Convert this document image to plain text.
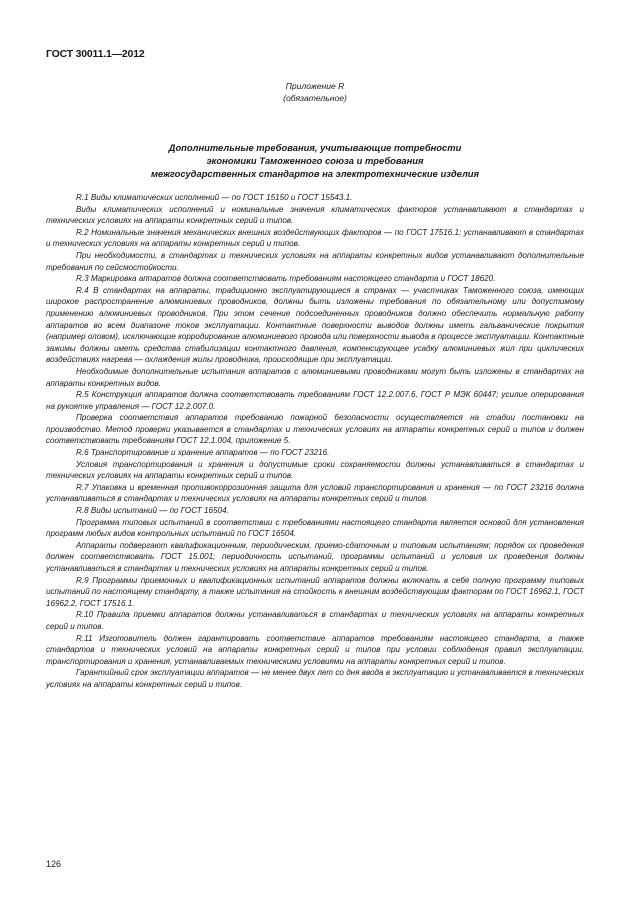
ГОСТ 30011.1—2012
Приложение R
(обязательное)
Дополнительные требования, учитывающие потребности
экономики Таможенного союза и требования
межгосударственных стандартов на электротехнические изделия

R.1 Виды климатических исполнений — по ГОСТ 15150 и ГОСТ 15543.1.

Виды климатических исполнений и номинальные значения климатических факторов устанавливают в стандартах и технических условиях на аппараты конкретных серий и типов.

R.2 Номинальные значения механических внешних воздействующих факторов — по ГОСТ 17516.1; устанавливают в стандартах и технических условиях на аппараты конкретных серий и типов.

При необходимости, в стандартах и технических условиях на аппараты конкретных видов устанавливают дополнительные требования по сейсмостойкости.

R.3 Маркировка аппаратов должна соответствовать требованиям настоящего стандарта и ГОСТ 18620.

R.4 В стандартах на аппараты, традиционно эксплуатирующиеся в странах — участниках Таможенного союза, имеющих широкое распространение алюминиевых проводников, должны быть изложены требования по обязательному или допустимому применению алюминиевых проводников. При этом сечение подсоединенных проводников должно обеспечить нормальную работу аппаратов во всем диапазоне токов эксплуатации. Контактные поверхности выводов должны иметь гальванические покрытия (например оловом), исключающие корродирование алюминиевого провода или поверхности вывода в процессе эксплуатации. Контактные зажимы должны иметь средства стабилизации контактного давления, компенсирующее усадку алюминиевых жил при циклических воздействиях нагрева — охлаждения жилы проводника, происходящие при эксплуатации.

Необходимые дополнительные испытания аппаратов с алюминиевыми проводниками могут быть изложены в стандартах на аппараты конкретных видов.

R.5 Конструкция аппаратов должна соответствовать требованиям ГОСТ 12.2.007.6, ГОСТ Р МЭК 60447; усилие оперирования на рукоятке управления — ГОСТ 12.2.007.0.

Проверка соответствия аппаратов требованию пожарной безопасности осуществляется на стадии постановки на производство. Метод проверки указывается в стандартах и технических условиях на аппараты конкретных серий и типов и должен соответствовать требованиям ГОСТ 12.1.004, приложение 5.

R.6 Транспортирование и хранение аппаратов — по ГОСТ 23216.

Условия транспортирования и хранения и допустимые сроки сохраняемости должны устанавливаться в стандартах и технических условиях на аппараты конкретных серий и типов.

R.7 Упаковка и временная противокоррозионная защита для условий транспортирования и хранения — по ГОСТ 23216 должна устанавливаться в стандартах и технических условиях на аппараты конкретных серий и типов.

R.8 Виды испытаний — по ГОСТ 16504.

Программа типовых испытаний в соответствии с требованиями настоящего стандарта является основой для установления программ любых видов контрольных испытаний по ГОСТ 16504.

Аппараты подвергают квалификационным, периодическим, приемо-сдаточным и типовым испытаниям; порядок их проведения должен соответствовать ГОСТ 15.001; периодичность испытаний, программы испытаний и условия их проведения должны устанавливаться в стандартах и технических условиях на аппараты конкретных серий и типов.

R.9 Программы приемочных и квалификационных испытаний аппаратов должны включать в себя полную программу типовых испытаний по настоящему стандарту, а также испытания на стойкость к внешним воздействующим факторам по ГОСТ 16962.1, ГОСТ 16962.2, ГОСТ 17516.1.

R.10 Правила приемки аппаратов должны устанавливаться в стандартах и технических условиях на аппараты конкретных серий и типов.

R.11 Изготовитель должен гарантировать соответствие аппаратов требованиям настоящего стандарта, а также стандартов и технических условий на аппараты конкретных серий и типов при условии соблюдения правил эксплуатации, транспортирования и хранения, устанавливаемых техническими условиями на аппараты конкретных серий и типов.

Гарантийный срок эксплуатации аппаратов — не менее двух лет со дня ввода в эксплуатацию и устанавливается в технических условиях на аппараты конкретных серий и типов.

126
